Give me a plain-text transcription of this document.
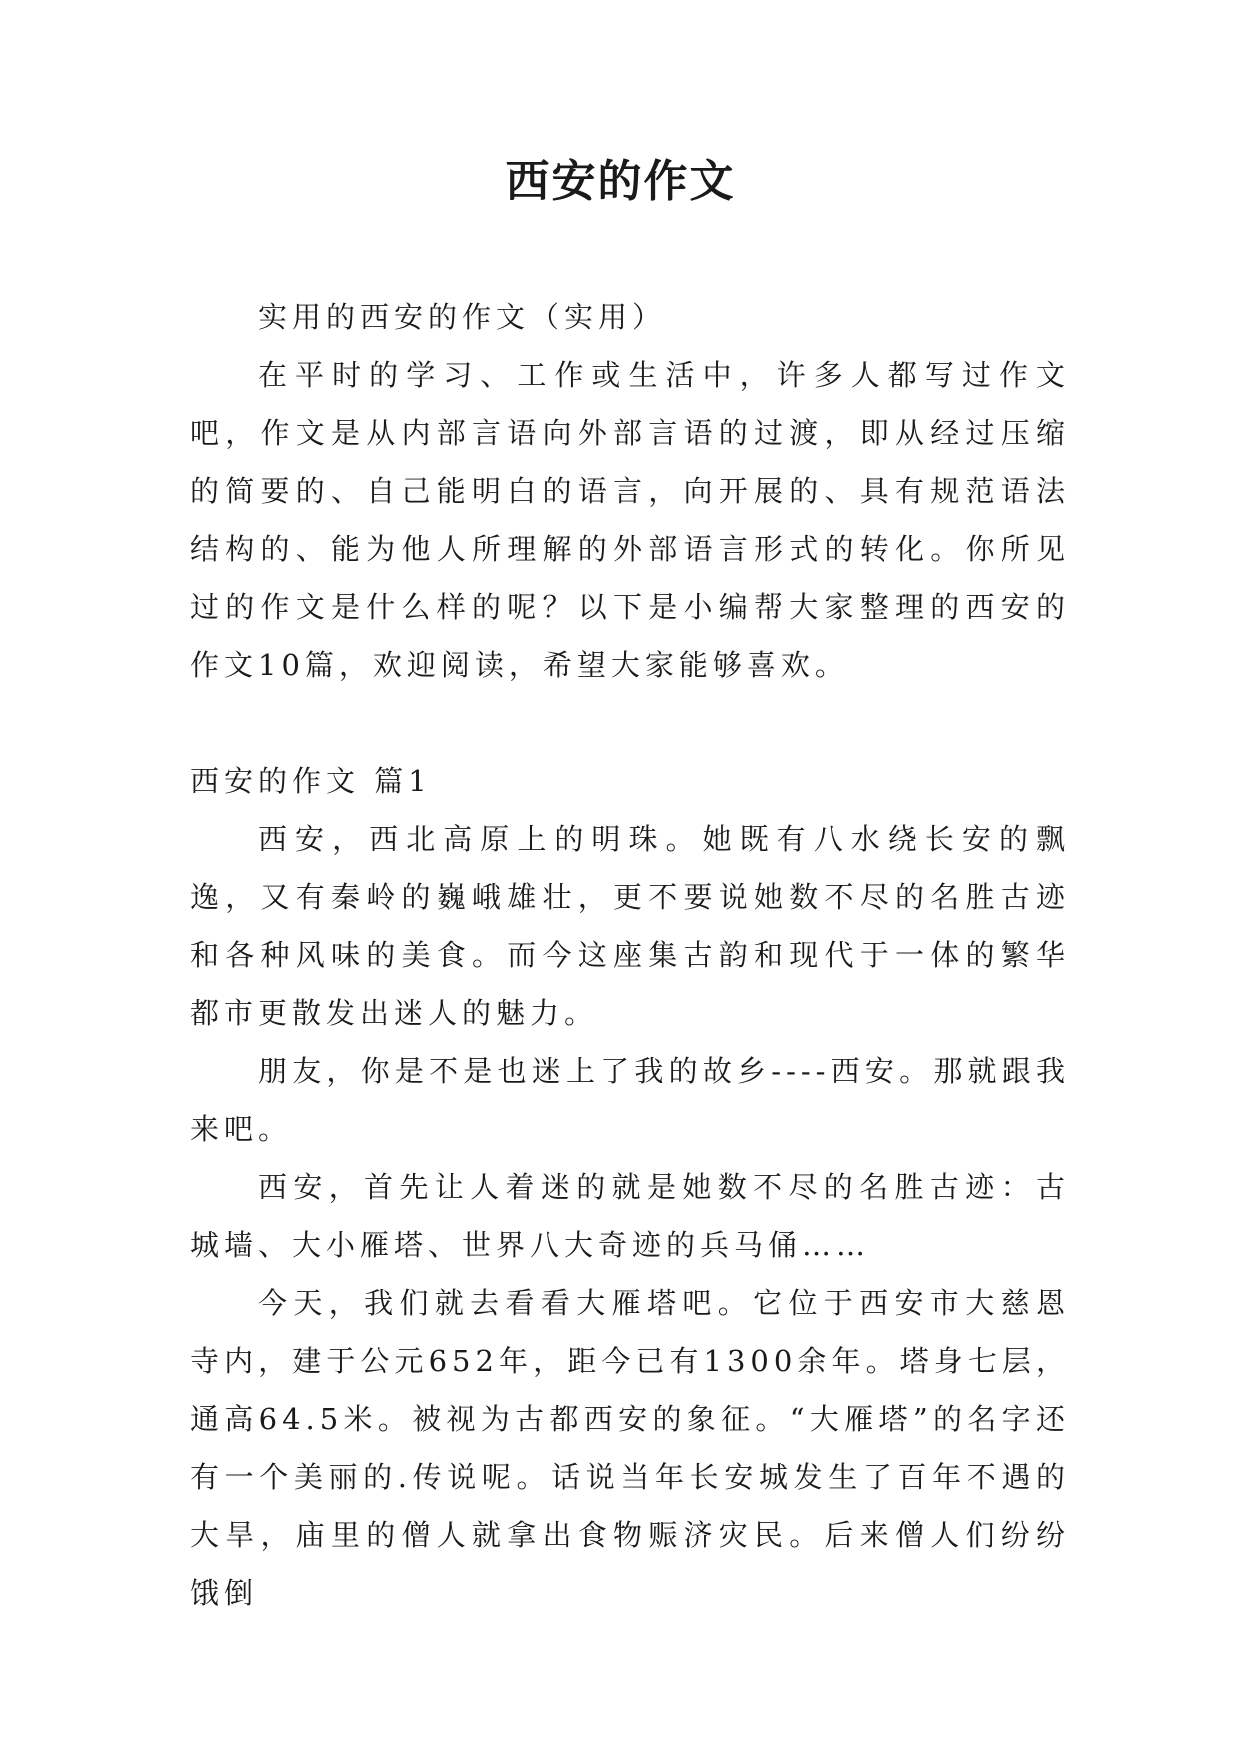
西安的作文

实用的西安的作文（实用）

在平时的学习、工作或生活中，许多人都写过作文吧，作文是从内部言语向外部言语的过渡，即从经过压缩的简要的、自己能明白的语言，向开展的、具有规范语法结构的、能为他人所理解的外部语言形式的转化。你所见过的作文是什么样的呢？以下是小编帮大家整理的西安的作文10篇，欢迎阅读，希望大家能够喜欢。

西安的作文 篇1

西安，西北高原上的明珠。她既有八水绕长安的飘逸，又有秦岭的巍峨雄壮，更不要说她数不尽的名胜古迹和各种风味的美食。而今这座集古韵和现代于一体的繁华都市更散发出迷人的魅力。

朋友，你是不是也迷上了我的故乡----西安。那就跟我来吧。

西安，首先让人着迷的就是她数不尽的名胜古迹：古城墙、大小雁塔、世界八大奇迹的兵马俑……

今天，我们就去看看大雁塔吧。它位于西安市大慈恩寺内，建于公元652年，距今已有1300余年。塔身七层，通高64.5米。被视为古都西安的象征。“大雁塔”的名字还有一个美丽的.传说呢。话说当年长安城发生了百年不遇的大旱，庙里的僧人就拿出食物赈济灾民。后来僧人们纷纷饿倒
